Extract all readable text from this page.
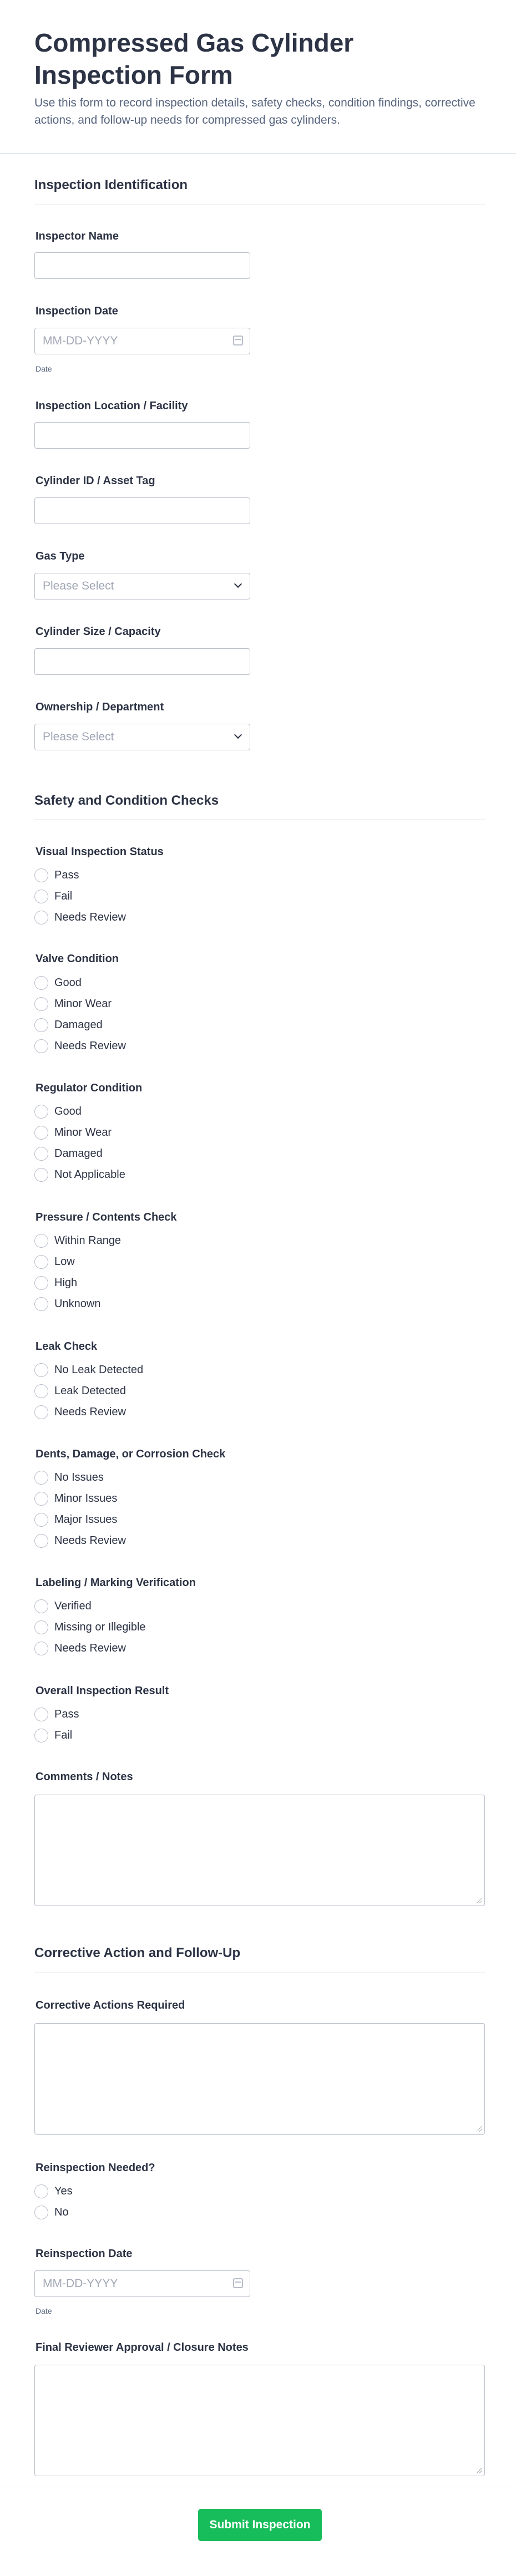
Compressed Gas Cylinder Inspection Form

Use this form to record inspection details, safety checks, condition findings, corrective actions, and follow-up needs for compressed gas cylinders.

Inspection Identification
Inspector Name
Inspection Date
MM-DD-YYYY
Date
Inspection Location / Facility
Cylinder ID / Asset Tag
Gas Type
Please Select
Cylinder Size / Capacity
Ownership / Department
Please Select
Safety and Condition Checks
Visual Inspection Status
Pass
Fail
Needs Review
Valve Condition
Good
Minor Wear
Damaged
Needs Review
Regulator Condition
Good
Minor Wear
Damaged
Not Applicable
Pressure / Contents Check
Within Range
Low
High
Unknown
Leak Check
No Leak Detected
Leak Detected
Needs Review
Dents, Damage, or Corrosion Check
No Issues
Minor Issues
Major Issues
Needs Review
Labeling / Marking Verification
Verified
Missing or Illegible
Needs Review
Overall Inspection Result
Pass
Fail
Comments / Notes
Corrective Action and Follow-Up
Corrective Actions Required
Reinspection Needed?
Yes
No
Reinspection Date
MM-DD-YYYY
Date
Final Reviewer Approval / Closure Notes
Submit Inspection
